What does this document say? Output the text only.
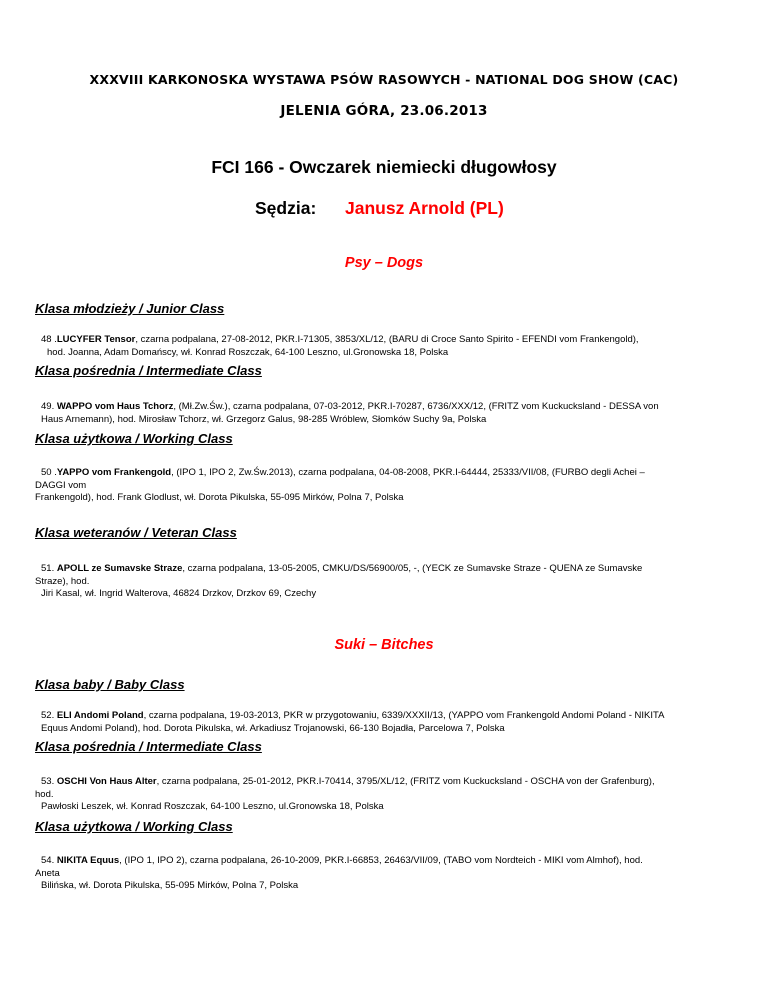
XXXVIII KARKONOSKA WYSTAWA PSÓW RASOWYCH - NATIONAL DOG SHOW (CAC)
JELENIA GÓRA, 23.06.2013
FCI 166 - Owczarek niemiecki długowłosy
Sędzia: Janusz Arnold (PL)
Psy – Dogs
Klasa młodzieży / Junior Class
48 .LUCYFER Tensor, czarna podpalana, 27-08-2012, PKR.I-71305, 3853/XL/12, (BARU di Croce Santo Spirito - EFENDI vom Frankengold),
hod. Joanna, Adam Domańscy, wł. Konrad Roszczak, 64-100 Leszno, ul.Gronowska 18, Polska
Klasa pośrednia / Intermediate Class
49. WAPPO vom Haus Tchorz, (Mł.Zw.Św.), czarna podpalana, 07-03-2012, PKR.I-70287, 6736/XXX/12, (FRITZ vom Kuckucksland - DESSA von
Haus Arnemann), hod. Mirosław Tchorz, wł. Grzegorz Galus, 98-285 Wróblew, Słomków Suchy 9a, Polska
Klasa użytkowa / Working Class
50 .YAPPO vom Frankengold, (IPO 1, IPO 2, Zw.Św.2013), czarna podpalana, 04-08-2008, PKR.I-64444, 25333/VII/08, (FURBO degli Achei –
DAGGI vom
Frankengold), hod. Frank Glodlust, wł. Dorota Pikulska, 55-095 Mirków, Polna 7, Polska
Klasa weteranów / Veteran Class
51. APOLL ze Sumavske Straze, czarna podpalana, 13-05-2005, CMKU/DS/56900/05, -, (YECK ze Sumavske Straze - QUENA ze Sumavske
Straze), hod.
Jiri Kasal, wł. Ingrid Walterova, 46824 Drzkov, Drzkov 69, Czechy
Suki – Bitches
Klasa baby / Baby Class
52. ELI Andomi Poland, czarna podpalana, 19-03-2013, PKR w przygotowaniu, 6339/XXXII/13, (YAPPO vom Frankengold Andomi Poland - NIKITA
Equus Andomi Poland), hod. Dorota Pikulska, wł. Arkadiusz Trojanowski, 66-130 Bojadła, Parcelowa 7, Polska
Klasa pośrednia / Intermediate Class
53. OSCHI Von Haus Alter, czarna podpalana, 25-01-2012, PKR.I-70414, 3795/XL/12, (FRITZ vom Kuckucksland - OSCHA von der Grafenburg),
hod.
Pawłoski Leszek, wł. Konrad Roszczak, 64-100 Leszno, ul.Gronowska 18, Polska
Klasa użytkowa / Working Class
54. NIKITA Equus, (IPO 1, IPO 2), czarna podpalana, 26-10-2009, PKR.I-66853, 26463/VII/09, (TABO vom Nordteich - MIKI vom Almhof), hod.
Aneta
Bilińska, wł. Dorota Pikulska, 55-095 Mirków, Polna 7, Polska
